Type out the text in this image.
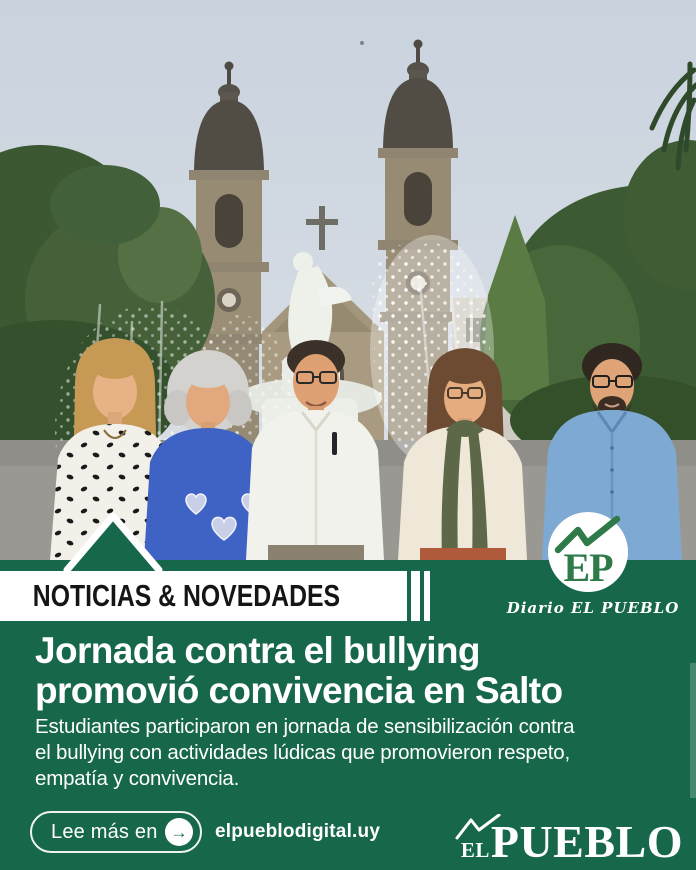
NOTICIAS & NOVEDADES
EP
Diario EL PUEBLO
Jornada contra el bullying
promovió convivencia en Salto
Estudiantes participaron en jornada de sensibilización contra
el bullying con actividades lúdicas que promovieron respeto,
empatía y convivencia.
Lee más en → elpueblodigital.uy
EL PUEBLO
